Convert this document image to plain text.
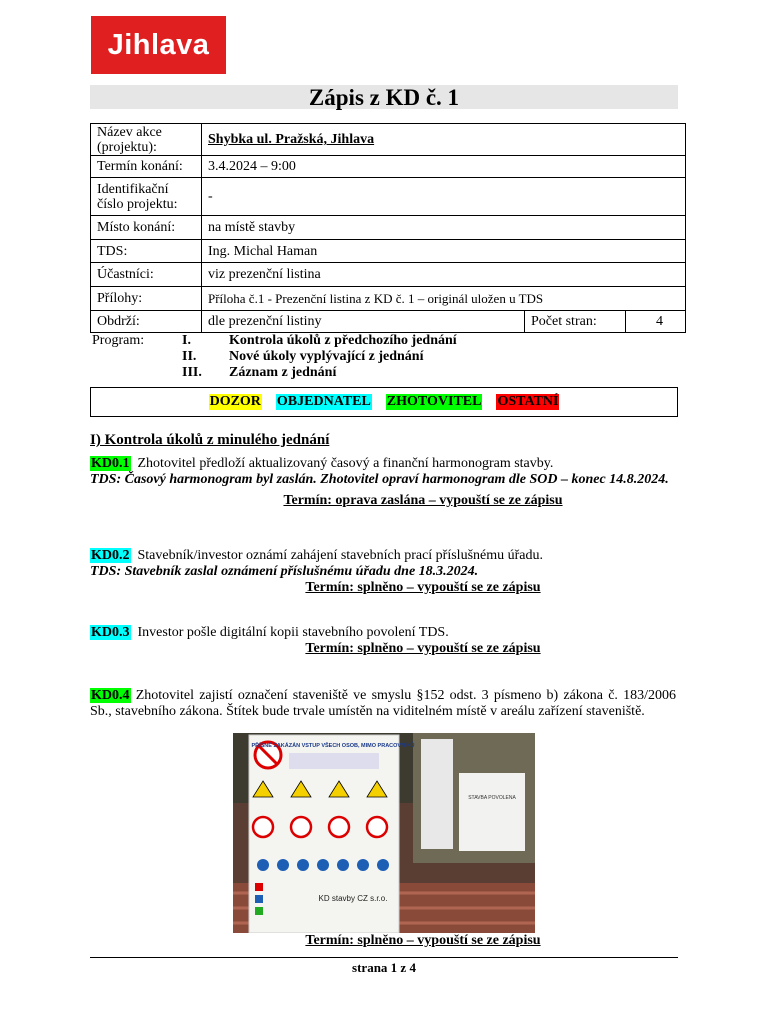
Jihlava
Zápis z KD č. 1
Název akce (projektu):	Shybka ul. Pražská, Jihlava		
Termín konání:	3.4.2024 – 9:00		
Identifikační číslo projektu:	-		
Místo konání:	na místě stavby		
TDS:	Ing. Michal Haman		
Účastníci:	viz prezenční listina		
Přílohy:	Příloha č.1 - Prezenční listina z KD č. 1 – originál uložen u TDS		
Obdrží:	dle prezenční listiny	Počet stran:	4
Program:	I.	Kontrola úkolů z předchozího jednání
II. Nové úkoly vyplývající z jednání
III. Záznam z jednání
DOZOR OBJEDNATEL ZHOTOVITEL OSTATNÍ
I) Kontrola úkolů z minulého jednání
KD0.1 Zhotovitel předloží aktualizovaný časový a finanční harmonogram stavby.
TDS: Časový harmonogram byl zaslán. Zhotovitel opraví harmonogram dle SOD – konec 14.8.2024.
Termín: oprava zaslána – vypouští se ze zápisu
KD0.2 Stavebník/investor oznámí zahájení stavebních prací příslušnému úřadu.
TDS: Stavebník zaslal oznámení příslušnému úřadu dne 18.3.2024.
Termín: splněno – vypouští se ze zápisu
KD0.3 Investor pošle digitální kopii stavebního povolení TDS.
Termín: splněno – vypouští se ze zápisu
KD0.4 Zhotovitel zajistí označení staveniště ve smyslu §152 odst. 3 písmeno b) zákona č. 183/2006 Sb., stavebního zákona. Štítek bude trvale umístěn na viditelném místě v areálu zařízení staveniště.
PŘÍSNĚ ZAKÁZÁN VSTUP VŠECH OSOB, MIMO PRACOVNÍKŮ
KD stavby CZ s.r.o.
STAVBA POVOLENA
Termín: splněno – vypouští se ze zápisu
strana 1 z 4
